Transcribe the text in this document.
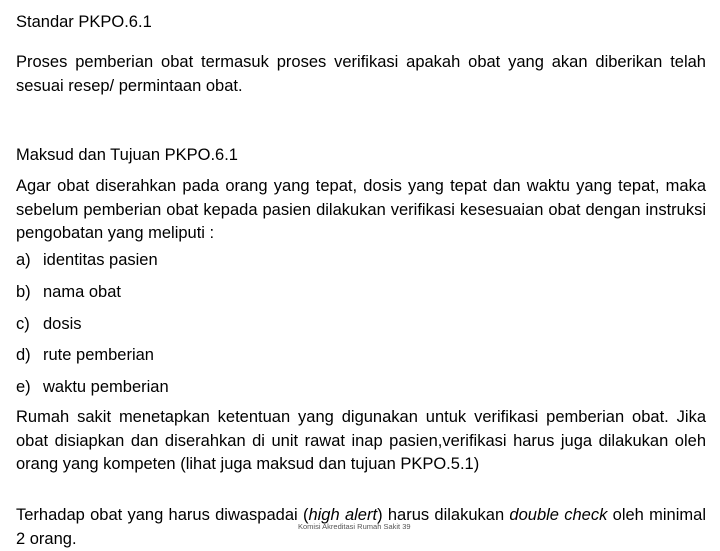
Standar PKPO.6.1
Proses pemberian obat termasuk proses verifikasi apakah obat yang akan diberikan telah sesuai resep/ permintaan obat.
Maksud dan Tujuan PKPO.6.1
Agar obat diserahkan pada orang yang tepat, dosis yang tepat dan waktu yang tepat, maka sebelum pemberian obat kepada pasien dilakukan verifikasi kesesuaian obat dengan instruksi pengobatan yang meliputi :
a) identitas pasien
b) nama obat
c) dosis
d) rute pemberian
e) waktu pemberian
Rumah sakit menetapkan ketentuan yang digunakan untuk verifikasi pemberian obat. Jika obat disiapkan dan diserahkan di unit rawat inap pasien,verifikasi harus juga dilakukan oleh orang yang kompeten (lihat juga maksud dan tujuan PKPO.5.1)
Terhadap obat yang harus diwaspadai (high alert) harus dilakukan double check oleh minimal 2 orang.
Komisi Akreditasi Rumah Sakit 39
